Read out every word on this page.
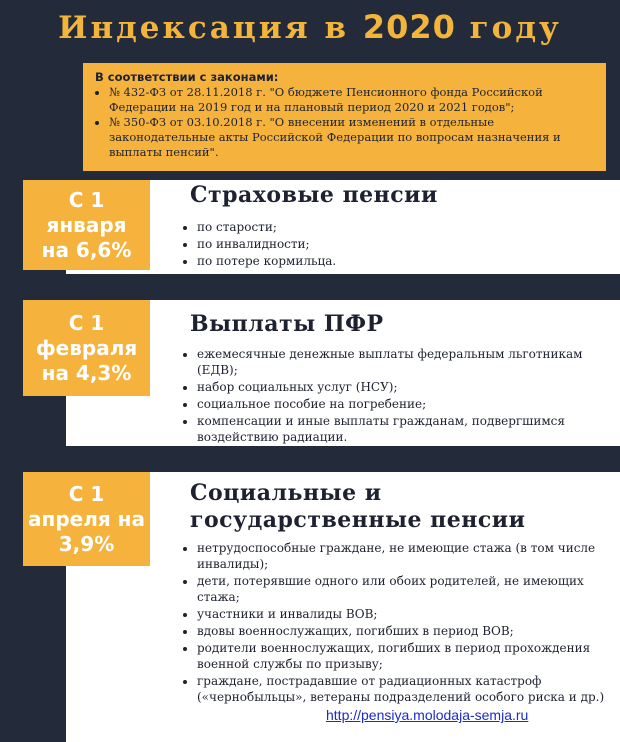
Индексация в 2020 году
В соответствии с законами:
• № 432-ФЗ от 28.11.2018 г. "О бюджете Пенсионного фонда Российской Федерации на 2019 год и на плановый период 2020 и 2021 годов";
• № 350-ФЗ от 03.10.2018 г. "О внесении изменений в отдельные законодательные акты Российской Федерации по вопросам назначения и выплаты пенсий".
С 1
января
на 6,6%
Страховые пенсии
• по старости;
• по инвалидности;
• по потере кормильца.
С 1
февраля
на 4,3%
Выплаты ПФР
• ежемесячные денежные выплаты федеральным льготникам (ЕДВ);
• набор социальных услуг (НСУ);
• социальное пособие на погребение;
• компенсации и иные выплаты гражданам, подвергшимся воздействию радиации.
С 1
апреля на
3,9%
Социальные и государственные пенсии
• нетрудоспособные граждане, не имеющие стажа (в том числе инвалиды);
• дети, потерявшие одного или обоих родителей, не имеющих стажа;
• участники и инвалиды ВОВ;
• вдовы военнослужащих, погибших в период ВОВ;
• родители военнослужащих, погибших в период прохождения военной службы по призыву;
• граждане, пострадавшие от радиационных катастроф («чернобыльцы», ветераны подразделений особого риска и др.)
http://pensiya.molodaja-semja.ru
